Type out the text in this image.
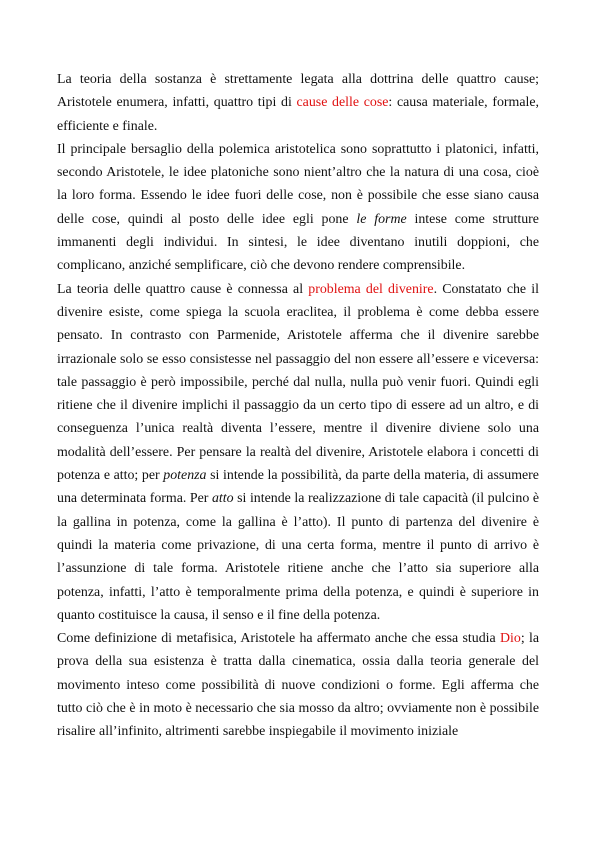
La teoria della sostanza è strettamente legata alla dottrina delle quattro cause; Aristotele enumera, infatti, quattro tipi di cause delle cose: causa materiale, formale, efficiente e finale.

Il principale bersaglio della polemica aristotelica sono soprattutto i platonici, infatti, secondo Aristotele, le idee platoniche sono nient’altro che la natura di una cosa, cioè la loro forma. Essendo le idee fuori delle cose, non è possibile che esse siano causa delle cose, quindi al posto delle idee egli pone le forme intese come strutture immanenti degli individui. In sintesi, le idee diventano inutili doppioni, che complicano, anziché semplificare, ciò che devono rendere comprensibile.

La teoria delle quattro cause è connessa al problema del divenire. Constatato che il divenire esiste, come spiega la scuola eraclitea, il problema è come debba essere pensato. In contrasto con Parmenide, Aristotele afferma che il divenire sarebbe irrazionale solo se esso consistesse nel passaggio del non essere all’essere e viceversa: tale passaggio è però impossibile, perché dal nulla, nulla può venir fuori. Quindi egli ritiene che il divenire implichi il passaggio da un certo tipo di essere ad un altro, e di conseguenza l’unica realtà diventa l’essere, mentre il divenire diviene solo una modalità dell’essere. Per pensare la realtà del divenire, Aristotele elabora i concetti di potenza e atto; per potenza si intende la possibilità, da parte della materia, di assumere una determinata forma. Per atto si intende la realizzazione di tale capacità (il pulcino è la gallina in potenza, come la gallina è l’atto). Il punto di partenza del divenire è quindi la materia come privazione, di una certa forma, mentre il punto di arrivo è l’assunzione di tale forma. Aristotele ritiene anche che l’atto sia superiore alla potenza, infatti, l’atto è temporalmente prima della potenza, e quindi è superiore in quanto costituisce la causa, il senso e il fine della potenza.

Come definizione di metafisica, Aristotele ha affermato anche che essa studia Dio; la prova della sua esistenza è tratta dalla cinematica, ossia dalla teoria generale del movimento inteso come possibilità di nuove condizioni o forme. Egli afferma che tutto ciò che è in moto è necessario che sia mosso da altro; ovviamente non è possibile risalire all’infinito, altrimenti sarebbe inspiegabile il movimento iniziale
